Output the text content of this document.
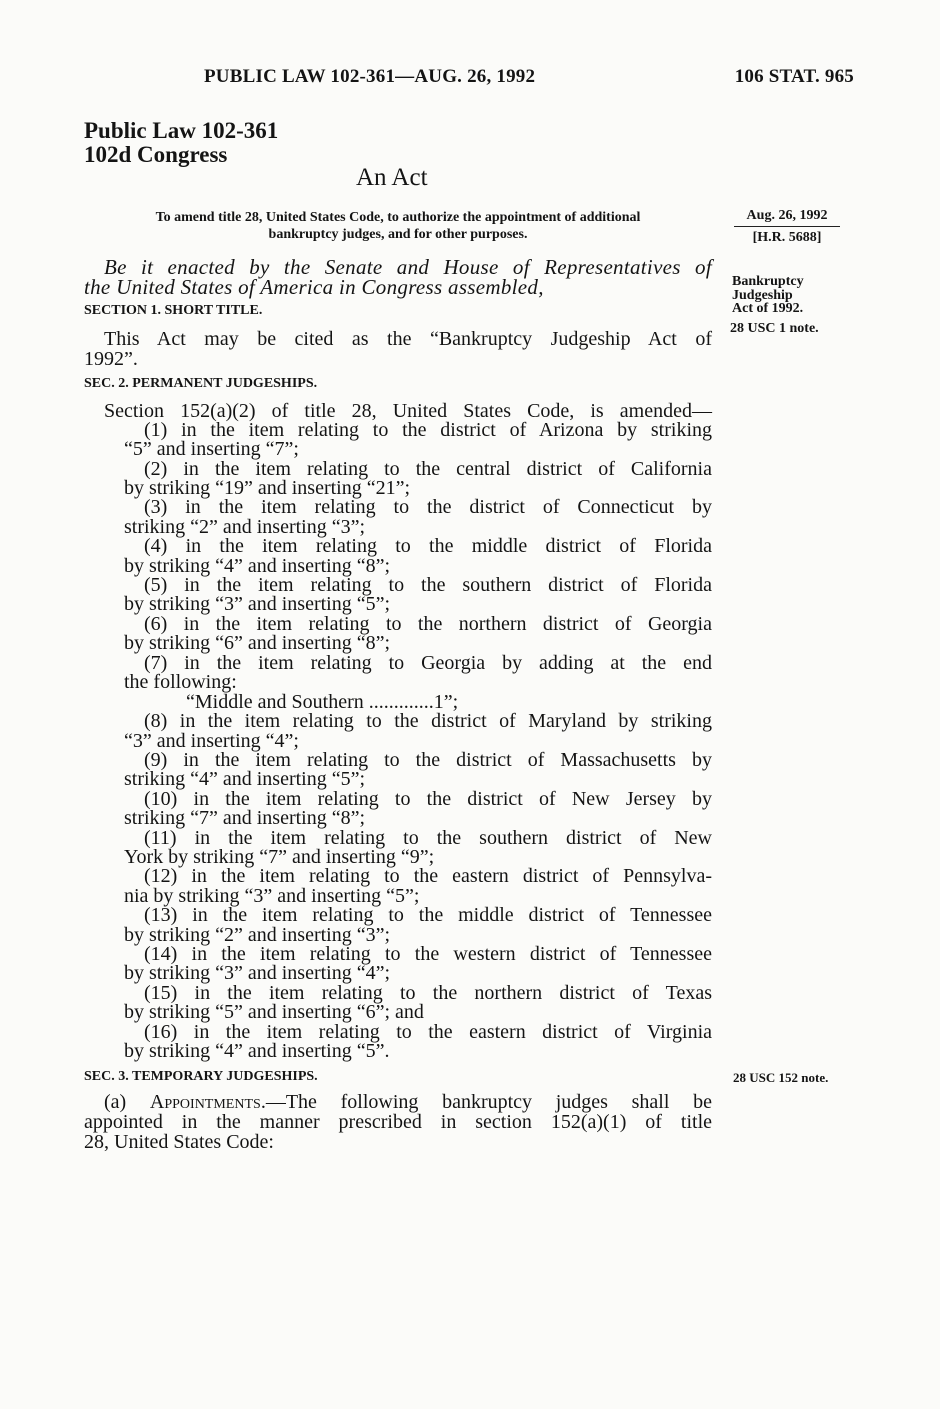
PUBLIC LAW 102-361—AUG. 26, 1992	106 STAT. 965
Public Law 102-361
102d Congress
An Act
To amend title 28, United States Code, to authorize the appointment of additional
bankruptcy judges, and for other purposes.
Aug. 26, 1992
[H.R. 5688]
Bankruptcy
Judgeship
Act of 1992.
28 USC 1 note.
28 USC 152 note.
Be it enacted by the Senate and House of Representatives of
the United States of America in Congress assembled,
SECTION 1. SHORT TITLE.
This Act may be cited as the “Bankruptcy Judgeship Act of
1992”.
SEC. 2. PERMANENT JUDGESHIPS.
Section 152(a)(2) of title 28, United States Code, is amended—
(1) in the item relating to the district of Arizona by striking
“5” and inserting “7”;
(2) in the item relating to the central district of California
by striking “19” and inserting “21”;
(3) in the item relating to the district of Connecticut by
striking “2” and inserting “3”;
(4) in the item relating to the middle district of Florida
by striking “4” and inserting “8”;
(5) in the item relating to the southern district of Florida
by striking “3” and inserting “5”;
(6) in the item relating to the northern district of Georgia
by striking “6” and inserting “8”;
(7) in the item relating to Georgia by adding at the end
the following:
“Middle and Southern .............1”;
(8) in the item relating to the district of Maryland by striking
“3” and inserting “4”;
(9) in the item relating to the district of Massachusetts by
striking “4” and inserting “5”;
(10) in the item relating to the district of New Jersey by
striking “7” and inserting “8”;
(11) in the item relating to the southern district of New
York by striking “7” and inserting “9”;
(12) in the item relating to the eastern district of Pennsylva-
nia by striking “3” and inserting “5”;
(13) in the item relating to the middle district of Tennessee
by striking “2” and inserting “3”;
(14) in the item relating to the western district of Tennessee
by striking “3” and inserting “4”;
(15) in the item relating to the northern district of Texas
by striking “5” and inserting “6”; and
(16) in the item relating to the eastern district of Virginia
by striking “4” and inserting “5”.
SEC. 3. TEMPORARY JUDGESHIPS.
(a) Appointments.—The following bankruptcy judges shall be
appointed in the manner prescribed in section 152(a)(1) of title
28, United States Code:
